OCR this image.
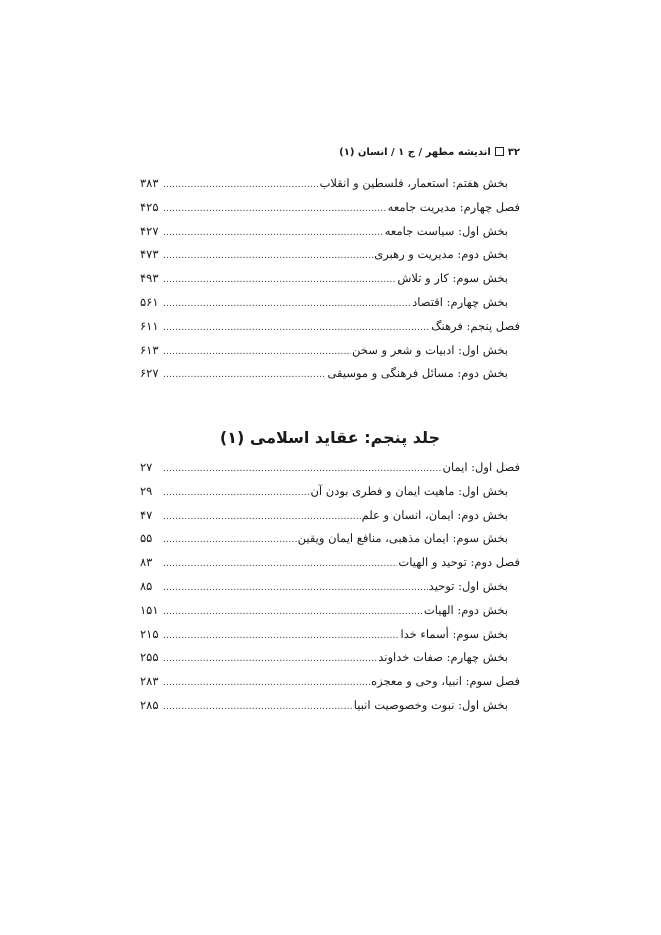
۳۲اندیشه مطهر / ج ۱ / انسان (۱)
بخش هفتم: استعمار، فلسطین و انقلاب
.....
۳۸۳
فصل چهارم: مدیریت جامعه
.....
۴۲۵
بخش اول: سیاست جامعه
.....
۴۲۷
بخش دوم: مدیریت و رهبری
.....
۴۷۳
بخش سوم: کار و تلاش
.....
۴۹۳
بخش چهارم: اقتصاد
.....
۵۶۱
فصل پنجم: فرهنگ
.....
۶۱۱
بخش اول: ادبیات و شعر و سخن
.....
۶۱۳
بخش دوم: مسائل فرهنگی و موسیقی
.....
۶۲۷
جلد پنجم: عقاید اسلامی (۱)
فصل اول: ایمان
.....
۲۷
بخش اول: ماهیت ایمان و فطری بودن آن
.....
۲۹
بخش دوم: ایمان، انسان و علم
.....
۴۷
بخش سوم: ایمان مذهبی، منافع ایمان ویقین
.....
۵۵
فصل دوم: توحید و الهیات
.....
۸۳
بخش اول: توحید
.....
۸۵
بخش دوم: الهیات
.....
۱۵۱
بخش سوم: أسماء خدا
.....
۲۱۵
بخش چهارم: صفات خداوند
.....
۲۵۵
فصل سوم: انبیا، وحی و معجزه
.....
۲۸۳
بخش اول: نبوت وخصوصیت انبیا
.....
۲۸۵
